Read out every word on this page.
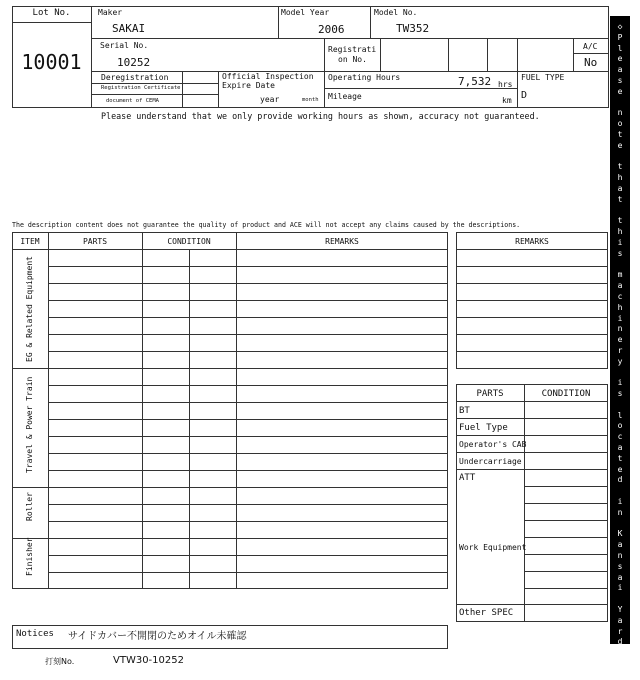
Lot No.
10001
Maker
SAKAI
Model Year
2006
Model No.
TW352
Serial No.
10252
Registrati
on No.
A/C
No
Deregistration
Registration Certificate
document of CEMA
Official Inspection
Expire Date
year	month
Operating Hours	7,532 hrs
Mileage	km
FUEL TYPE
D
Please understand that we only provide working hours as shown, accuracy not guaranteed.
The description content does not guarantee the quality of product and ACE will not accept any claims caused by the descriptions.
ITEM	PARTS	CONDITION	REMARKS
EG & Related Equipment
Travel & Power Train
Roller
Finisher
REMARKS
PARTS	CONDITION
BT
Fuel Type
Operator's CAB
Undercarriage
ATT
Work Equipment
Other SPEC
Notices サイドカバー不開閉のためオイル未確認
打刻No.	VTW30-10252
◇
P
l
e
a
s
e

n
o
t
e

t
h
a
t

t
h
i
s

m
a
c
h
i
n
e
r
y

i
s

l
o
c
a
t
e
d

i
n

K
a
n
s
a
i

Y
a
r
d
◇
